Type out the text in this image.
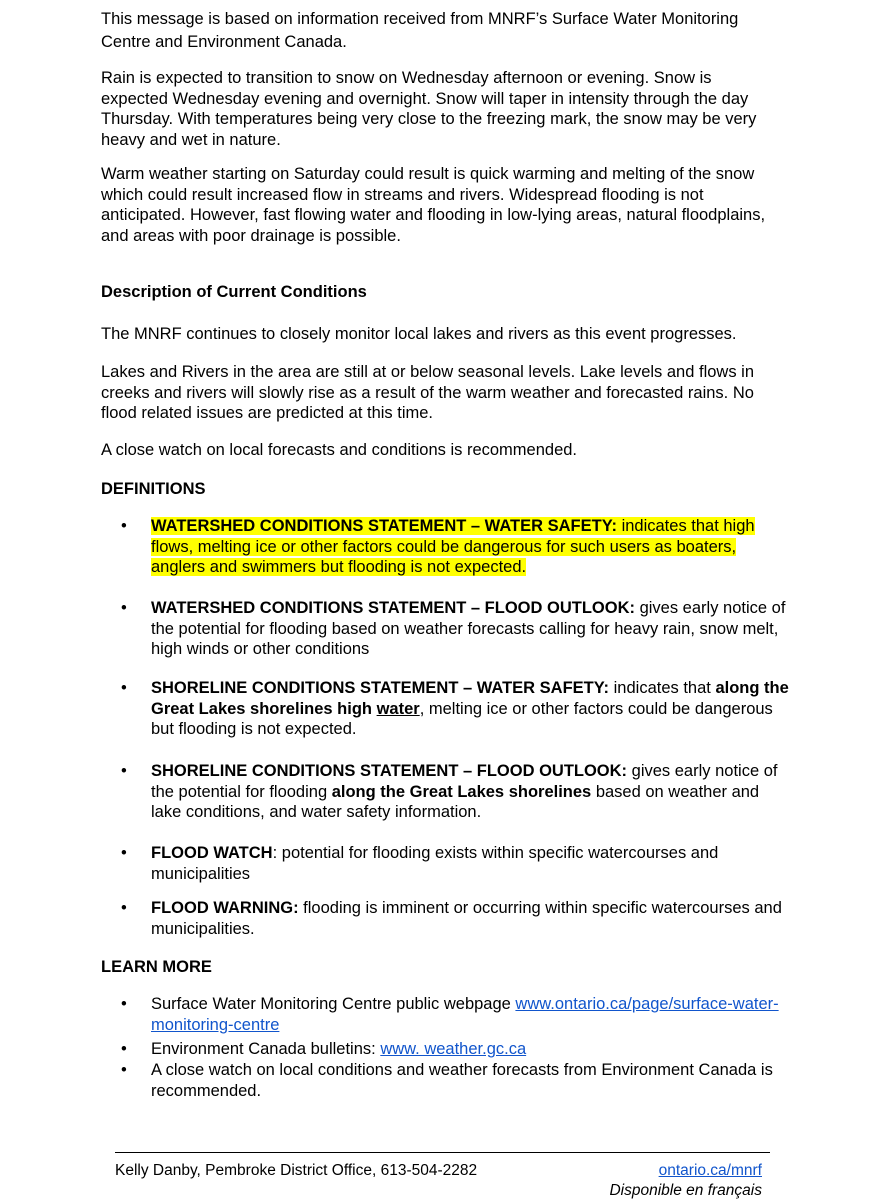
This message is based on information received from MNRF’s Surface Water Monitoring Centre and Environment Canada.

Rain is expected to transition to snow on Wednesday afternoon or evening. Snow is expected Wednesday evening and overnight. Snow will taper in intensity through the day Thursday. With temperatures being very close to the freezing mark, the snow may be very heavy and wet in nature.

Warm weather starting on Saturday could result is quick warming and melting of the snow which could result increased flow in streams and rivers. Widespread flooding is not anticipated. However, fast flowing water and flooding in low-lying areas, natural floodplains, and areas with poor drainage is possible.

Description of Current Conditions

The MNRF continues to closely monitor local lakes and rivers as this event progresses.

Lakes and Rivers in the area are still at or below seasonal levels. Lake levels and flows in creeks and rivers will slowly rise as a result of the warm weather and forecasted rains. No flood related issues are predicted at this time.

A close watch on local forecasts and conditions is recommended.

DEFINITIONS

•	WATERSHED CONDITIONS STATEMENT – WATER SAFETY: indicates that high flows, melting ice or other factors could be dangerous for such users as boaters, anglers and swimmers but flooding is not expected.
•	WATERSHED CONDITIONS STATEMENT – FLOOD OUTLOOK: gives early notice of the potential for flooding based on weather forecasts calling for heavy rain, snow melt, high winds or other conditions
•	SHORELINE CONDITIONS STATEMENT – WATER SAFETY: indicates that along the Great Lakes shorelines high water, melting ice or other factors could be dangerous but flooding is not expected.
•	SHORELINE CONDITIONS STATEMENT – FLOOD OUTLOOK: gives early notice of the potential for flooding along the Great Lakes shorelines based on weather and lake conditions, and water safety information.
•	FLOOD WATCH: potential for flooding exists within specific watercourses and municipalities
•	FLOOD WARNING: flooding is imminent or occurring within specific watercourses and municipalities.

LEARN MORE

•	Surface Water Monitoring Centre public webpage www.ontario.ca/page/surface-water-monitoring-centre
•	Environment Canada bulletins: www. weather.gc.ca
•	A close watch on local conditions and weather forecasts from Environment Canada is recommended.
Kelly Danby, Pembroke District Office, 613-504-2282	ontario.ca/mnrf
Disponible en français
